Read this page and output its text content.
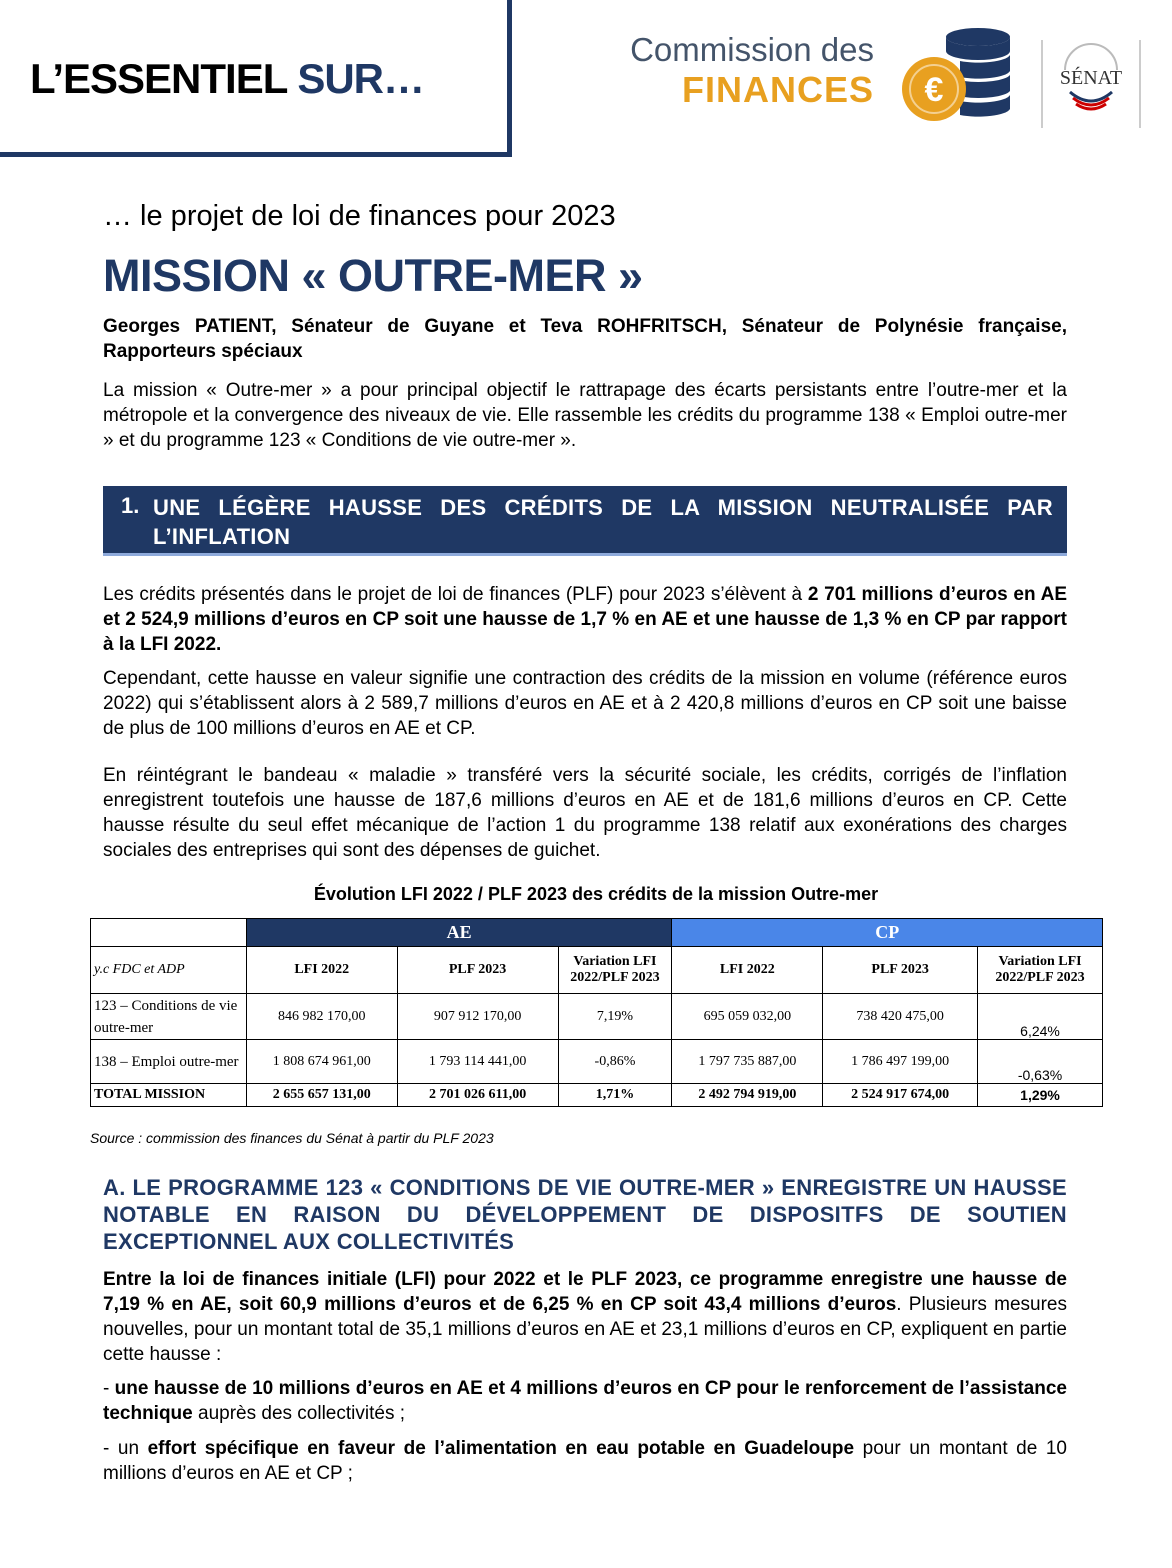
L’ESSENTIEL SUR…
Commission des
FINANCES €	SÉNAT
… le projet de loi de finances pour 2023
MISSION « OUTRE-MER »
Georges PATIENT, Sénateur de Guyane et Teva ROHFRITSCH, Sénateur de Polynésie française, Rapporteurs spéciaux
La mission « Outre-mer » a pour principal objectif le rattrapage des écarts persistants entre l’outre-mer et la métropole et la convergence des niveaux de vie. Elle rassemble les crédits du programme 138 « Emploi outre-mer » et du programme 123 « Conditions de vie outre-mer ».
1. UNE LÉGÈRE HAUSSE DES CRÉDITS DE LA MISSION NEUTRALISÉE PAR L’INFLATION
Les crédits présentés dans le projet de loi de finances (PLF) pour 2023 s’élèvent à 2 701 millions d’euros en AE et 2 524,9 millions d’euros en CP soit une hausse de 1,7 % en AE et une hausse de 1,3 % en CP par rapport à la LFI 2022.
Cependant, cette hausse en valeur signifie une contraction des crédits de la mission en volume (référence euros 2022) qui s’établissent alors à 2 589,7 millions d’euros en AE et à 2 420,8 millions d’euros en CP soit une baisse de plus de 100 millions d’euros en AE et CP.
En réintégrant le bandeau « maladie » transféré vers la sécurité sociale, les crédits, corrigés de l’inflation enregistrent toutefois une hausse de 187,6 millions d’euros en AE et de 181,6 millions d’euros en CP. Cette hausse résulte du seul effet mécanique de l’action 1 du programme 138 relatif aux exonérations des charges sociales des entreprises qui sont des dépenses de guichet.
Évolution LFI 2022 / PLF 2023 des crédits de la mission Outre-mer
	AE			CP		
y.c FDC et ADP	LFI 2022	PLF 2023	Variation LFI 2022/PLF 2023	LFI 2022	PLF 2023	Variation LFI 2022/PLF 2023
123 – Conditions de vie outre-mer	846 982 170,00	907 912 170,00	7,19%	695 059 032,00	738 420 475,00	6,24%
138 – Emploi outre-mer	1 808 674 961,00	1 793 114 441,00	-0,86%	1 797 735 887,00	1 786 497 199,00	-0,63%
TOTAL MISSION	2 655 657 131,00	2 701 026 611,00	1,71%	2 492 794 919,00	2 524 917 674,00	1,29%
Source : commission des finances du Sénat à partir du PLF 2023
A. LE PROGRAMME 123 « CONDITIONS DE VIE OUTRE-MER » ENREGISTRE UN HAUSSE NOTABLE EN RAISON DU DÉVELOPPEMENT DE DISPOSITFS DE SOUTIEN EXCEPTIONNEL AUX COLLECTIVITÉS
Entre la loi de finances initiale (LFI) pour 2022 et le PLF 2023, ce programme enregistre une hausse de 7,19 % en AE, soit 60,9 millions d’euros et de 6,25 % en CP soit 43,4 millions d’euros. Plusieurs mesures nouvelles, pour un montant total de 35,1 millions d’euros en AE et 23,1 millions d’euros en CP, expliquent en partie cette hausse :
- une hausse de 10 millions d’euros en AE et 4 millions d’euros en CP pour le renforcement de l’assistance technique auprès des collectivités ;
- un effort spécifique en faveur de l’alimentation en eau potable en Guadeloupe pour un montant de 10 millions d’euros en AE et CP ;
